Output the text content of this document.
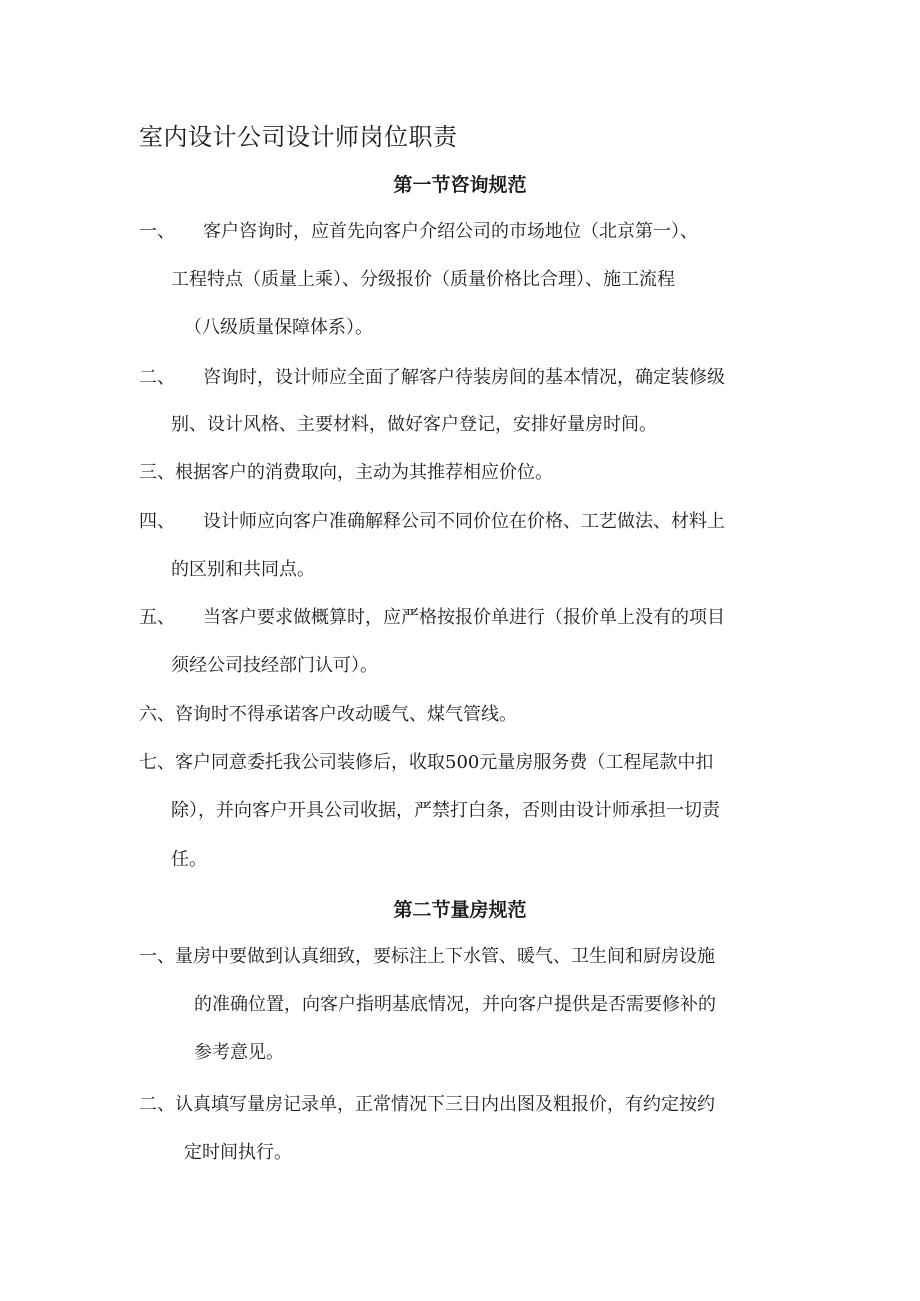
室内设计公司设计师岗位职责
第一节咨询规范
一、 客户咨询时，应首先向客户介绍公司的市场地位（北京第一）、
工程特点（质量上乘）、分级报价（质量价格比合理）、施工流程
（八级质量保障体系）。
二、 咨询时，设计师应全面了解客户待装房间的基本情况，确定装修级
别、设计风格、主要材料，做好客户登记，安排好量房时间。
三、根据客户的消费取向，主动为其推荐相应价位。
四、 设计师应向客户准确解释公司不同价位在价格、工艺做法、材料上
的区别和共同点。
五、 当客户要求做概算时，应严格按报价单进行（报价单上没有的项目
须经公司技经部门认可）。
六、咨询时不得承诺客户改动暖气、煤气管线。
七、客户同意委托我公司装修后，收取500元量房服务费（工程尾款中扣
除），并向客户开具公司收据，严禁打白条，否则由设计师承担一切责
任。
第二节量房规范
一、量房中要做到认真细致，要标注上下水管、暖气、卫生间和厨房设施
的准确位置，向客户指明基底情况，并向客户提供是否需要修补的
参考意见。
二、认真填写量房记录单，正常情况下三日内出图及粗报价，有约定按约
定时间执行。
